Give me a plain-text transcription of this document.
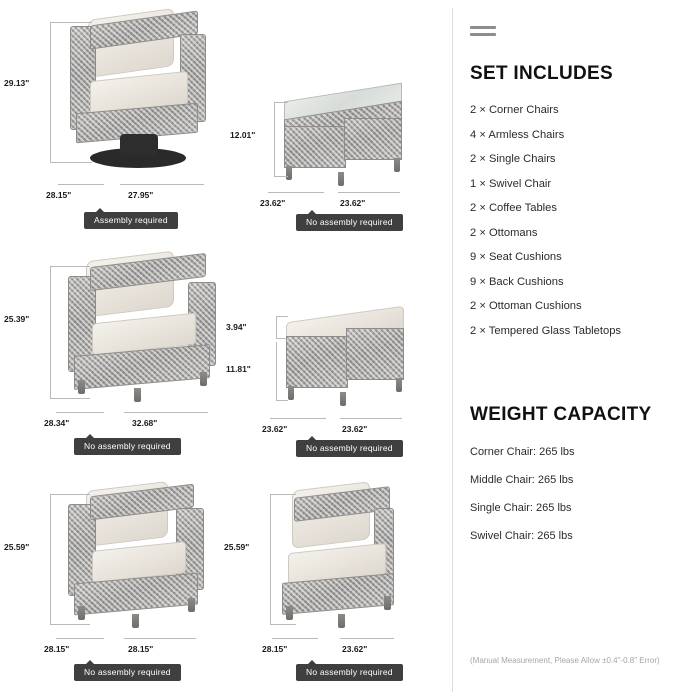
29.13"
28.15"	27.95"
Assembly required
12.01"
23.62"	23.62"
No assembly required
25.39"
28.34"	32.68"
No assembly required
3.94"
11.81"
23.62"	23.62"
No assembly required
25.59"
28.15"	28.15"
No assembly required
25.59"
28.15"	23.62"
No assembly required
SET INCLUDES
2 × Corner Chairs
4 × Armless Chairs
2 × Single Chairs
1 × Swivel Chair
2 × Coffee Tables
2 × Ottomans
9 × Seat Cushions
9 × Back Cushions
2 × Ottoman Cushions
2 × Tempered Glass Tabletops
WEIGHT CAPACITY
Corner Chair: 265 lbs
Middle Chair: 265 lbs
Single Chair: 265 lbs
Swivel Chair: 265 lbs
(Manual Measurement, Please Allow ±0.4"-0.8" Error)
